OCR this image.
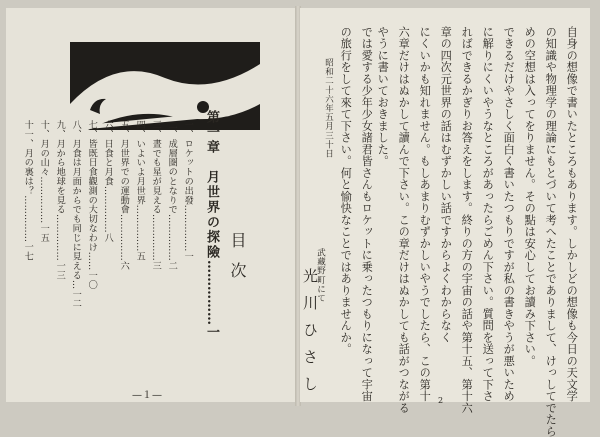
目次
第一章　月世界の探險……………一
一、ロケットの出發……………一
二、成層圏のとなりで……………二
三、晝でも星が見える……………三
四、いよいよ月世界……………五
五、月世界での運動會……………六
六、日食と月食……………八
七、皆既日食觀測の大切なわけ……一〇
八、月食は月面からでも同じに見える…一二
九、月から地球を見る……………一三
十、月の山々……………一五
十一、月の裏は？……………一七
—１—	自身の想像で書いたところもあります。しかしどの想像も今日の天文学
の知識や物理学の理論にもとづいて考へたことでありまして、けっしてでたら
めの空想は入ってをりません。その點は安心してお讀み下さい。
できるだけやさしく面白く書いたつもりですが私の書きやうが悪いため
に解りにくいやうなところがあったらごめん下さい。質問を送って下さ
ればできるかぎりお答えをします。終りの方の宇宙の話や第十五、第十六
章の四次元世界の話はむずかしい話ですからよくわからなく
にくいかも知れません。もしあまりむずかしいやうでしたら、この第十
六章だけはぬかして讀んで下さい。この章だけはぬかしても話がつながる
やうに書いておきました。
では愛する少年少女諸君皆さんもロケットに乗ったつもりになって宇宙
の旅行をして來て下さい。何と愉快なことではありませんか。
昭和二十六年五月三十日
武藏野町にて
光川ひさし	2
